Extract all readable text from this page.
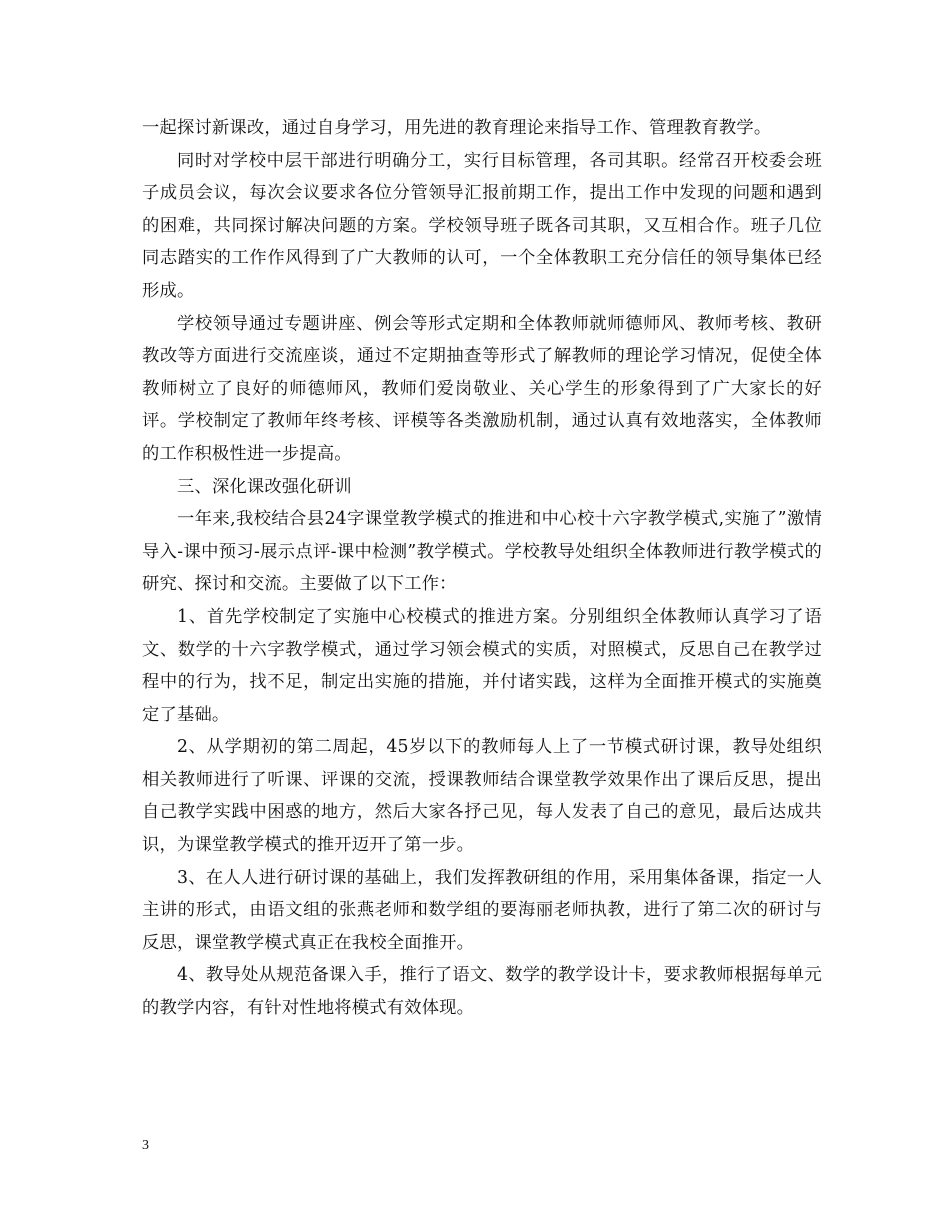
一起探讨新课改，通过自身学习，用先进的教育理论来指导工作、管理教育教学。

同时对学校中层干部进行明确分工，实行目标管理，各司其职。经常召开校委会班子成员会议，每次会议要求各位分管领导汇报前期工作，提出工作中发现的问题和遇到的困难，共同探讨解决问题的方案。学校领导班子既各司其职，又互相合作。班子几位同志踏实的工作作风得到了广大教师的认可，一个全体教职工充分信任的领导集体已经形成。

学校领导通过专题讲座、例会等形式定期和全体教师就师德师风、教师考核、教研教改等方面进行交流座谈，通过不定期抽查等形式了解教师的理论学习情况，促使全体教师树立了良好的师德师风，教师们爱岗敬业、关心学生的形象得到了广大家长的好评。学校制定了教师年终考核、评模等各类激励机制，通过认真有效地落实，全体教师的工作积极性进一步提高。

三、深化课改强化研训

一年来,我校结合县24字课堂教学模式的推进和中心校十六字教学模式,实施了”激情导入-课中预习-展示点评-课中检测”教学模式。学校教导处组织全体教师进行教学模式的研究、探讨和交流。主要做了以下工作：

1、首先学校制定了实施中心校模式的推进方案。分别组织全体教师认真学习了语文、数学的十六字教学模式，通过学习领会模式的实质，对照模式，反思自己在教学过程中的行为，找不足，制定出实施的措施，并付诸实践，这样为全面推开模式的实施奠定了基础。

2、从学期初的第二周起，45岁以下的教师每人上了一节模式研讨课，教导处组织相关教师进行了听课、评课的交流，授课教师结合课堂教学效果作出了课后反思，提出自己教学实践中困惑的地方，然后大家各抒己见，每人发表了自己的意见，最后达成共识，为课堂教学模式的推开迈开了第一步。

3、在人人进行研讨课的基础上，我们发挥教研组的作用，采用集体备课，指定一人主讲的形式，由语文组的张燕老师和数学组的要海丽老师执教，进行了第二次的研讨与反思，课堂教学模式真正在我校全面推开。

4、教导处从规范备课入手，推行了语文、数学的教学设计卡，要求教师根据每单元的教学内容，有针对性地将模式有效体现。

3
